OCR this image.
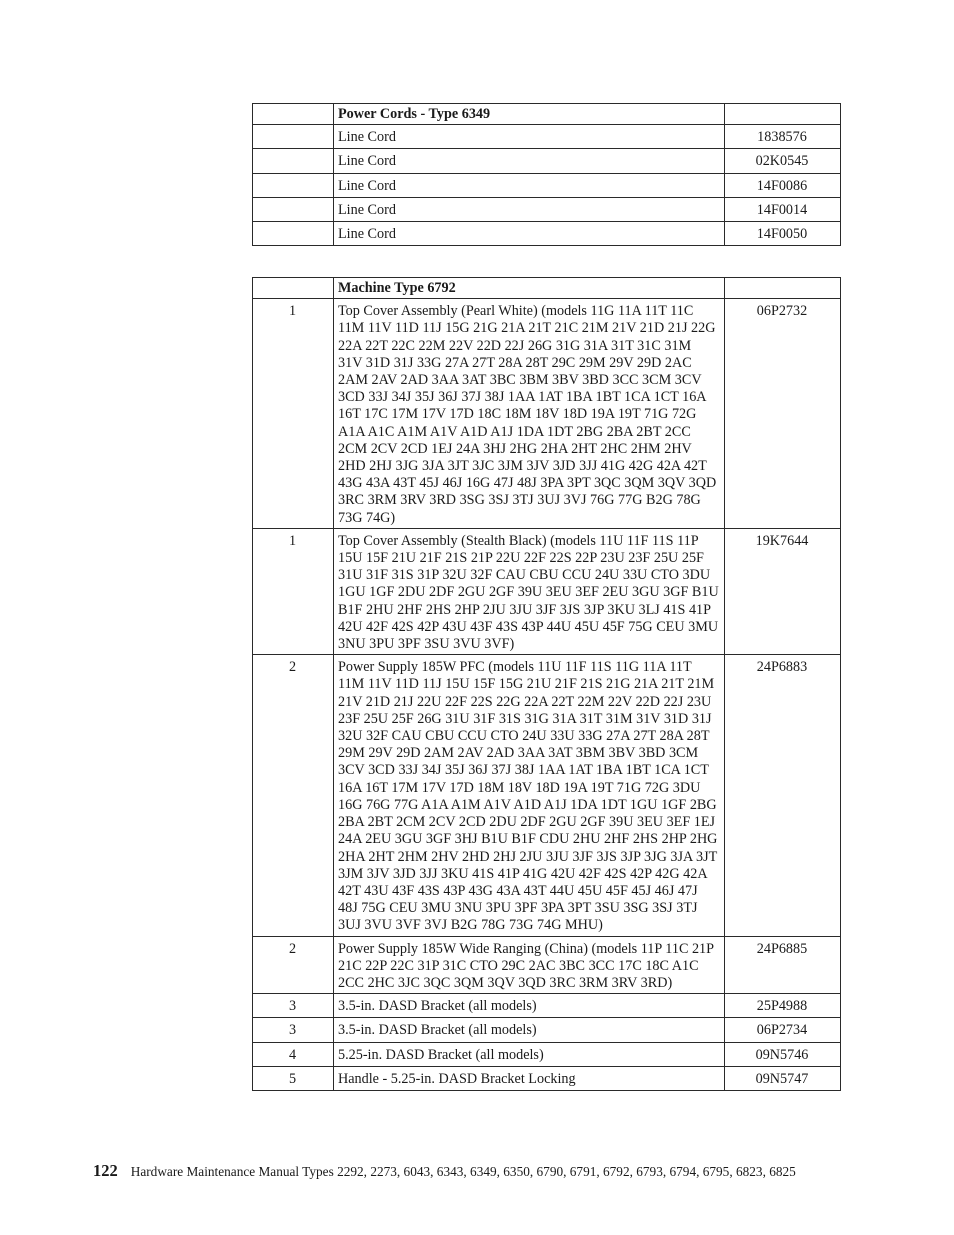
	Power Cords - Type 6349	
	Line Cord	1838576
	Line Cord	02K0545
	Line Cord	14F0086
	Line Cord	14F0014
	Line Cord	14F0050
	Machine Type 6792	
1	Top Cover Assembly (Pearl White) (models 11G 11A 11T 11C 11M 11V 11D 11J 15G 21G 21A 21T 21C 21M 21V 21D 21J 22G 22A 22T 22C 22M 22V 22D 22J 26G 31G 31A 31T 31C 31M 31V 31D 31J 33G 27A 27T 28A 28T 29C 29M 29V 29D 2AC 2AM 2AV 2AD 3AA 3AT 3BC 3BM 3BV 3BD 3CC 3CM 3CV 3CD 33J 34J 35J 36J 37J 38J 1AA 1AT 1BA 1BT 1CA 1CT 16A 16T 17C 17M 17V 17D 18C 18M 18V 18D 19A 19T 71G 72G A1A A1C A1M A1V A1D A1J 1DA 1DT 2BG 2BA 2BT 2CC 2CM 2CV 2CD 1EJ 24A 3HJ 2HG 2HA 2HT 2HC 2HM 2HV 2HD 2HJ 3JG 3JA 3JT 3JC 3JM 3JV 3JD 3JJ 41G 42G 42A 42T 43G 43A 43T 45J 46J 16G 47J 48J 3PA 3PT 3QC 3QM 3QV 3QD 3RC 3RM 3RV 3RD 3SG 3SJ 3TJ 3UJ 3VJ 76G 77G B2G 78G 73G 74G)	06P2732
1	Top Cover Assembly (Stealth Black) (models 11U 11F 11S 11P 15U 15F 21U 21F 21S 21P 22U 22F 22S 22P 23U 23F 25U 25F 31U 31F 31S 31P 32U 32F CAU CBU CCU 24U 33U CTO 3DU 1GU 1GF 2DU 2DF 2GU 2GF 39U 3EU 3EF 2EU 3GU 3GF B1U B1F 2HU 2HF 2HS 2HP 2JU 3JU 3JF 3JS 3JP 3KU 3LJ 41S 41P 42U 42F 42S 42P 43U 43F 43S 43P 44U 45U 45F 75G CEU 3MU 3NU 3PU 3PF 3SU 3VU 3VF)	19K7644
2	Power Supply 185W PFC (models 11U 11F 11S 11G 11A 11T 11M 11V 11D 11J 15U 15F 15G 21U 21F 21S 21G 21A 21T 21M 21V 21D 21J 22U 22F 22S 22G 22A 22T 22M 22V 22D 22J 23U 23F 25U 25F 26G 31U 31F 31S 31G 31A 31T 31M 31V 31D 31J 32U 32F CAU CBU CCU CTO 24U 33U 33G 27A 27T 28A 28T 29M 29V 29D 2AM 2AV 2AD 3AA 3AT 3BM 3BV 3BD 3CM 3CV 3CD 33J 34J 35J 36J 37J 38J 1AA 1AT 1BA 1BT 1CA 1CT 16A 16T 17M 17V 17D 18M 18V 18D 19A 19T 71G 72G 3DU 16G 76G 77G A1A A1M A1V A1D A1J 1DA 1DT 1GU 1GF 2BG 2BA 2BT 2CM 2CV 2CD 2DU 2DF 2GU 2GF 39U 3EU 3EF 1EJ 24A 2EU 3GU 3GF 3HJ B1U B1F CDU 2HU 2HF 2HS 2HP 2HG 2HA 2HT 2HM 2HV 2HD 2HJ 2JU 3JU 3JF 3JS 3JP 3JG 3JA 3JT 3JM 3JV 3JD 3JJ 3KU 41S 41P 41G 42U 42F 42S 42P 42G 42A 42T 43U 43F 43S 43P 43G 43A 43T 44U 45U 45F 45J 46J 47J 48J 75G CEU 3MU 3NU 3PU 3PF 3PA 3PT 3SU 3SG 3SJ 3TJ 3UJ 3VU 3VF 3VJ B2G 78G 73G 74G MHU)	24P6883
2	Power Supply 185W Wide Ranging (China) (models 11P 11C 21P 21C 22P 22C 31P 31C CTO 29C 2AC 3BC 3CC 17C 18C A1C 2CC 2HC 3JC 3QC 3QM 3QV 3QD 3RC 3RM 3RV 3RD)	24P6885
3	3.5-in. DASD Bracket (all models)	25P4988
3	3.5-in. DASD Bracket (all models)	06P2734
4	5.25-in. DASD Bracket (all models)	09N5746
5	Handle - 5.25-in. DASD Bracket Locking	09N5747
122 Hardware Maintenance Manual Types 2292, 2273, 6043, 6343, 6349, 6350, 6790, 6791, 6792, 6793, 6794, 6795, 6823, 6825
